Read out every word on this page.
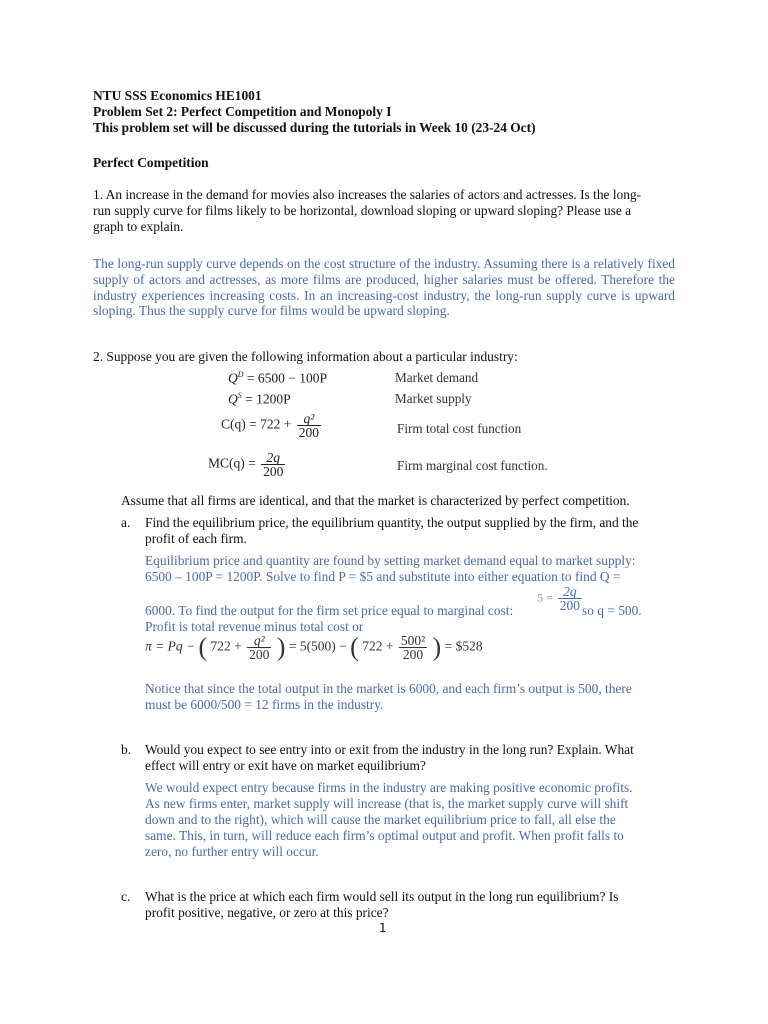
NTU SSS Economics HE1001
Problem Set 2: Perfect Competition and Monopoly I
This problem set will be discussed during the tutorials in Week 10 (23-24 Oct)
Perfect Competition
1. An increase in the demand for movies also increases the salaries of actors and actresses. Is the long-
run supply curve for films likely to be horizontal, download sloping or upward sloping? Please use a
graph to explain.
The long-run supply curve depends on the cost structure of the industry. Assuming there is a relatively fixed supply of actors and actresses, as more films are produced, higher salaries must be offered. Therefore the industry experiences increasing costs. In an increasing-cost industry, the long-run supply curve is upward sloping. Thus the supply curve for films would be upward sloping.
2. Suppose you are given the following information about a particular industry:
$Q^D = 6500 - 100P$	Market demand
$Q^S = 1200P$	Market supply
$C(q) = 722 + \frac{\text{q²}}{200}$	Firm total cost function
$MC(q) = \frac{2q}{200}$	Firm marginal cost function.
Assume that all firms are identical, and that the market is characterized by perfect competition.
a. Find the equilibrium price, the equilibrium quantity, the output supplied by the firm, and the
profit of each firm.
Equilibrium price and quantity are found by setting market demand equal to market supply:
6500 – 100P = 1200P. Solve to find P = $5 and substitute into either equation to find Q =
6000. To find the output for the firm set price equal to marginal cost:
$5 = \frac{2q}{200}$ so q = 500.
Profit is total revenue minus total cost or
π = Pq − ( $722 + \frac{\text{q²}}{200}$ ) = 5(500) − ( $722 + \frac{\text{500²}}{200}$ ) = $528
Notice that since the total output in the market is 6000, and each firm’s output is 500, there
must be 6000/500 = 12 firms in the industry.
b. Would you expect to see entry into or exit from the industry in the long run? Explain. What
effect will entry or exit have on market equilibrium?
We would expect entry because firms in the industry are making positive economic profits.
As new firms enter, market supply will increase (that is, the market supply curve will shift
down and to the right), which will cause the market equilibrium price to fall, all else the
same. This, in turn, will reduce each firm’s optimal output and profit. When profit falls to
zero, no further entry will occur.
c. What is the price at which each firm would sell its output in the long run equilibrium? Is
profit positive, negative, or zero at this price?
1
